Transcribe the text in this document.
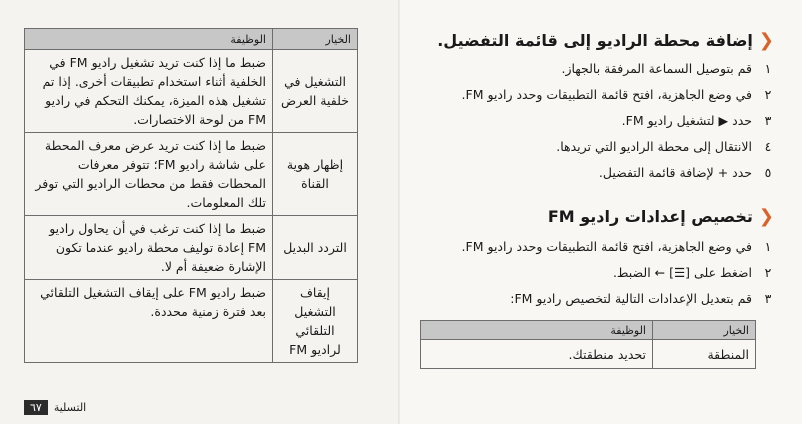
الخيار	الوظيفة
التشغيل في خلفية العرض	ضبط ما إذا كنت تريد تشغيل راديو FM في الخلفية أثناء استخدام تطبيقات أخرى. إذا تم تشغيل هذه الميزة، يمكنك التحكم في راديو FM من لوحة الاختصارات.
إظهار هوية القناة	ضبط ما إذا كنت تريد عرض معرف المحطة على شاشة راديو FM؛ تتوفر معرفات المحطات فقط من محطات الراديو التي توفر تلك المعلومات.
التردد البديل	ضبط ما إذا كنت ترغب في أن يحاول راديو FM إعادة توليف محطة راديو عندما تكون الإشارة ضعيفة أم لا.
إيقاف التشغيل التلقائي لراديو FM	ضبط راديو FM على إيقاف التشغيل التلقائي بعد فترة زمنية محددة.
التسلية
٦٧
❮
إضافة محطة الراديو إلى قائمة التفضيل.
١
قم بتوصيل السماعة المرفقة بالجهاز.
٢
في وضع الجاهزية، افتح قائمة التطبيقات وحدد راديو FM.
٣
حدد ▶ لتشغيل راديو FM.
٤
الانتقال إلى محطة الراديو التي تريدها.
٥
حدد + لإضافة قائمة التفضيل.
❮
تخصيص إعدادات راديو FM
١
في وضع الجاهزية، افتح قائمة التطبيقات وحدد راديو FM.
٢
اضغط على [☰] ← الضبط.
٣
قم بتعديل الإعدادات التالية لتخصيص راديو FM:
الخيار	الوظيفة
المنطقة	تحديد منطقتك.
